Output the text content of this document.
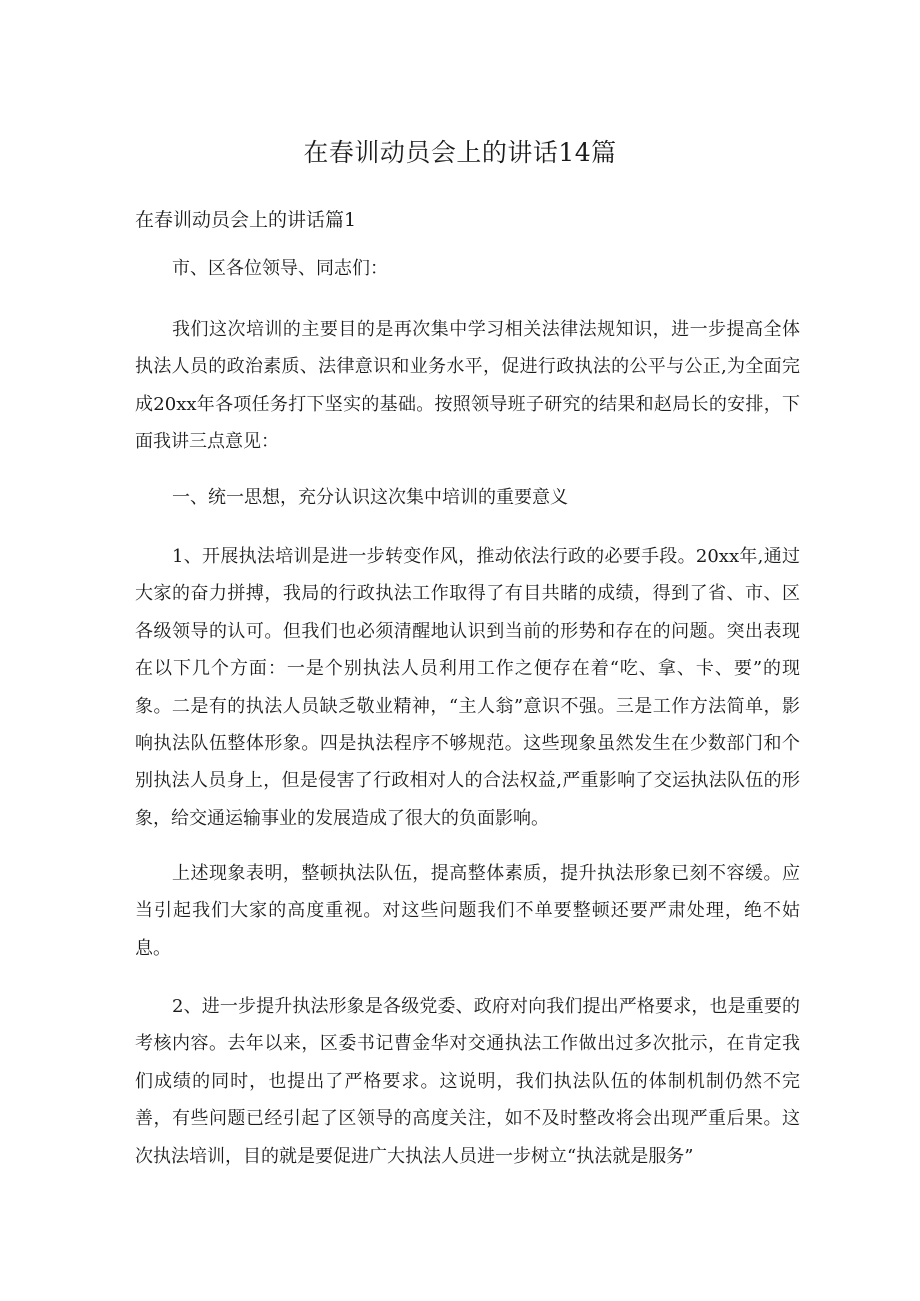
在春训动员会上的讲话14篇
在春训动员会上的讲话篇1

市、区各位领导、同志们：

我们这次培训的主要目的是再次集中学习相关法律法规知识，进一步提高全体执法人员的政治素质、法律意识和业务水平，促进行政执法的公平与公正,为全面完成20xx年各项任务打下坚实的基础。按照领导班子研究的结果和赵局长的安排，下面我讲三点意见：

一、统一思想，充分认识这次集中培训的重要意义

1、开展执法培训是进一步转变作风，推动依法行政的必要手段。20xx年,通过大家的奋力拼搏，我局的行政执法工作取得了有目共睹的成绩，得到了省、市、区各级领导的认可。但我们也必须清醒地认识到当前的形势和存在的问题。突出表现在以下几个方面：一是个别执法人员利用工作之便存在着“吃、拿、卡、要”的现象。二是有的执法人员缺乏敬业精神，“主人翁”意识不强。三是工作方法简单，影响执法队伍整体形象。四是执法程序不够规范。这些现象虽然发生在少数部门和个别执法人员身上，但是侵害了行政相对人的合法权益,严重影响了交运执法队伍的形象，给交通运输事业的发展造成了很大的负面影响。

上述现象表明，整顿执法队伍，提高整体素质，提升执法形象已刻不容缓。应当引起我们大家的高度重视。对这些问题我们不单要整顿还要严肃处理，绝不姑息。

2、进一步提升执法形象是各级党委、政府对向我们提出严格要求，也是重要的考核内容。去年以来，区委书记曹金华对交通执法工作做出过多次批示，在肯定我们成绩的同时，也提出了严格要求。这说明，我们执法队伍的体制机制仍然不完善，有些问题已经引起了区领导的高度关注，如不及时整改将会出现严重后果。这次执法培训，目的就是要促进广大执法人员进一步树立“执法就是服务”
